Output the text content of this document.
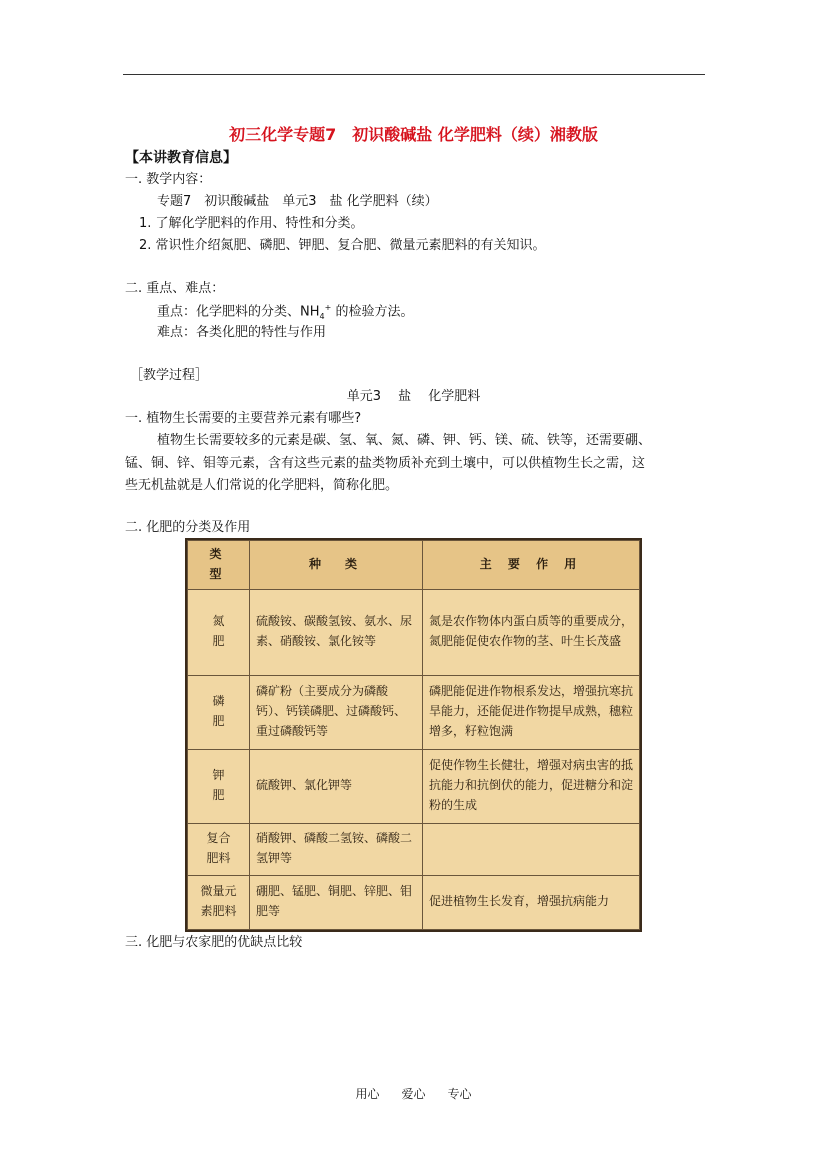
初三化学专题7　初识酸碱盐 化学肥料（续）湘教版
【本讲教育信息】
一. 教学内容：
专题7　初识酸碱盐　单元3　盐 化学肥料（续）
1. 了解化学肥料的作用、特性和分类。
2. 常识性介绍氮肥、磷肥、钾肥、复合肥、微量元素肥料的有关知识。
二. 重点、难点：
重点：化学肥料的分类、$NH_4^+$ 的检验方法。
难点：各类化肥的特性与作用
［教学过程］
单元3　 盐　 化学肥料
一. 植物生长需要的主要营养元素有哪些?
植物生长需要较多的元素是碳、氢、氧、氮、磷、钾、钙、镁、硫、铁等，还需要硼、
锰、铜、锌、钼等元素，含有这些元素的盐类物质补充到土壤中，可以供植物生长之需，这
些无机盐就是人们常说的化学肥料，简称化肥。
二. 化肥的分类及作用
类　型	种　类	主 要 作 用

氮
肥	硫酸铵、碳酸氢铵、氨水、尿素、硝酸铵、氯化铵等	氮是农作物体内蛋白质等的重要成分，氮肥能促使农作物的茎、叶生长茂盛

磷
肥	磷矿粉（主要成分为磷酸钙）、钙镁磷肥、过磷酸钙、重过磷酸钙等	磷肥能促进作物根系发达，增强抗寒抗旱能力，还能促进作物提早成熟，穗粒增多，籽粒饱满

钾
肥	硫酸钾、氯化钾等	促使作物生长健壮，增强对病虫害的抵抗能力和抗倒伏的能力，促进糖分和淀粉的生成

复合
肥料	硝酸钾、磷酸二氢铵、磷酸二氢钾等	

微量元
素肥料	硼肥、锰肥、铜肥、锌肥、钼肥等	促进植物生长发育，增强抗病能力
三. 化肥与农家肥的优缺点比较
用心 爱心 专心
